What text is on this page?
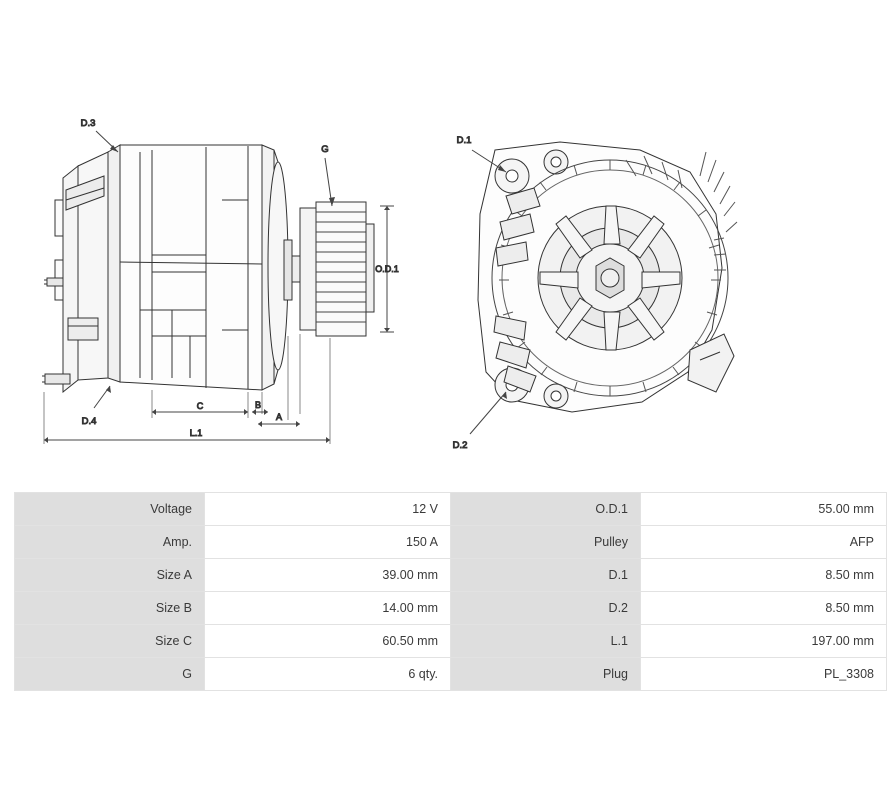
O.D.1
G
D.3
D.4
C	B
A
L.1
D.1
D.2
Voltage	12 V	O.D.1	55.00 mm
Amp.	150 A	Pulley	AFP
Size A	39.00 mm	D.1	8.50 mm
Size B	14.00 mm	D.2	8.50 mm
Size C	60.50 mm	L.1	197.00 mm
G	6 qty.	Plug	PL_3308
